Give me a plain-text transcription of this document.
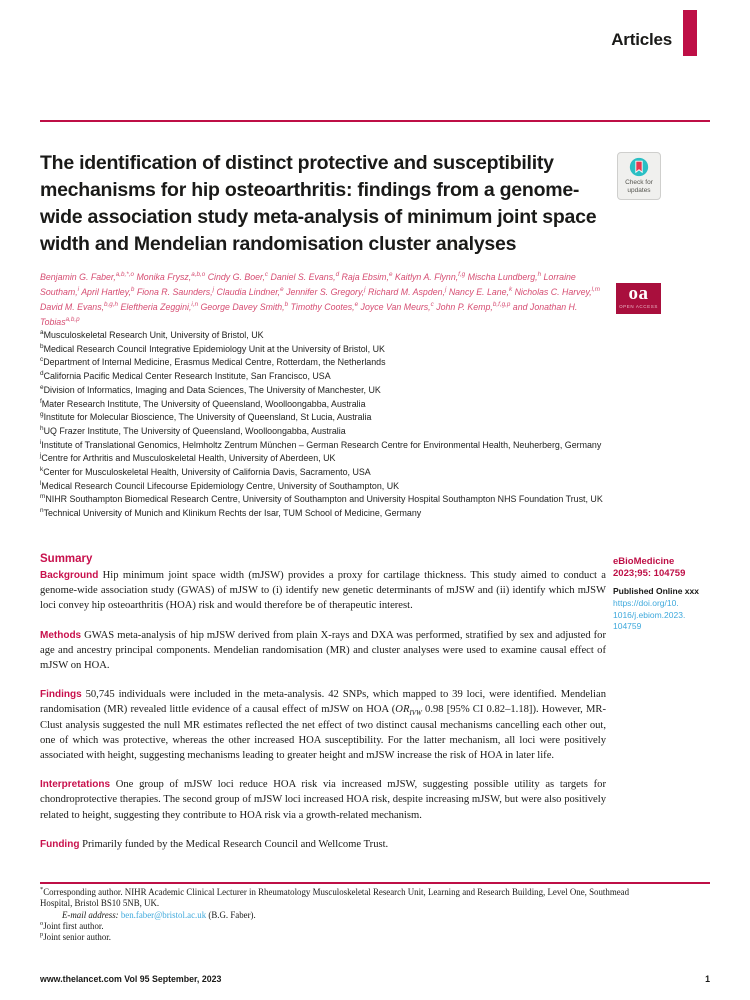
Articles
The identification of distinct protective and susceptibility mechanisms for hip osteoarthritis: findings from a genome-wide association study meta-analysis of minimum joint space width and Mendelian randomisation cluster analyses
Check for
updates
Benjamin G. Faber,$^{a,b,*,o}$ Monika Frysz,$^{a,b,o}$ Cindy G. Boer,$^c$ Daniel S. Evans,$^d$ Raja Ebsim,$^e$ Kaitlyn A. Flynn,$^{f,g}$ Mischa Lundberg,$^h$ Lorraine Southam,$^i$ April Hartley,$^b$ Fiona R. Saunders,$^j$ Claudia Lindner,$^e$ Jennifer S. Gregory,$^j$ Richard M. Aspden,$^j$ Nancy E. Lane,$^k$ Nicholas C. Harvey,$^{l,m}$ David M. Evans,$^{b,g,h}$ Eleftheria Zeggini,$^{i,n}$ George Davey Smith,$^b$ Timothy Cootes,$^e$ Joyce Van Meurs,$^c$ John P. Kemp,$^{b,f,g,p}$ and Jonathan H. Tobias$^{a,b,p}$
oa
OPEN ACCESS
$^a$Musculoskeletal Research Unit, University of Bristol, UK
$^b$Medical Research Council Integrative Epidemiology Unit at the University of Bristol, UK
$^c$Department of Internal Medicine, Erasmus Medical Centre, Rotterdam, the Netherlands
$^d$California Pacific Medical Center Research Institute, San Francisco, USA
$^e$Division of Informatics, Imaging and Data Sciences, The University of Manchester, UK
$^f$Mater Research Institute, The University of Queensland, Woolloongabba, Australia
$^g$Institute for Molecular Bioscience, The University of Queensland, St Lucia, Australia
$^h$UQ Frazer Institute, The University of Queensland, Woolloongabba, Australia
$^i$Institute of Translational Genomics, Helmholtz Zentrum München – German Research Centre for Environmental Health, Neuherberg, Germany
$^j$Centre for Arthritis and Musculoskeletal Health, University of Aberdeen, UK
$^k$Center for Musculoskeletal Health, University of California Davis, Sacramento, USA
$^l$Medical Research Council Lifecourse Epidemiology Centre, University of Southampton, UK
$^m$NIHR Southampton Biomedical Research Centre, University of Southampton and University Hospital Southampton NHS Foundation Trust, UK
$^n$Technical University of Munich and Klinikum Rechts der Isar, TUM School of Medicine, Germany
Summary

Background Hip minimum joint space width (mJSW) provides a proxy for cartilage thickness. This study aimed to conduct a genome-wide association study (GWAS) of mJSW to (i) identify new genetic determinants of mJSW and (ii) identify which mJSW loci convey hip osteoarthritis (HOA) risk and would therefore be of therapeutic interest.

Methods GWAS meta-analysis of hip mJSW derived from plain X-rays and DXA was performed, stratified by sex and adjusted for age and ancestry principal components. Mendelian randomisation (MR) and cluster analyses were used to examine causal effect of mJSW on HOA.

Findings 50,745 individuals were included in the meta-analysis. 42 SNPs, which mapped to 39 loci, were identified. Mendelian randomisation (MR) revealed little evidence of a causal effect of mJSW on HOA ($OR_{IVW}$ 0.98 [95% CI 0.82–1.18]). However, MR-Clust analysis suggested the null MR estimates reflected the net effect of two distinct causal mechanisms cancelling each other out, one of which was protective, whereas the other increased HOA susceptibility. For the latter mechanism, all loci were positively associated with height, suggesting mechanisms leading to greater height and mJSW increase the risk of HOA in later life.

Interpretations One group of mJSW loci reduce HOA risk via increased mJSW, suggesting possible utility as targets for chondroprotective therapies. The second group of mJSW loci increased HOA risk, despite increasing mJSW, but were also positively related to height, suggesting they contribute to HOA risk via a growth-related mechanism.

Funding Primarily funded by the Medical Research Council and Wellcome Trust.

eBioMedicine
2023;95: 104759
Published Online xxx
https://doi.org/10.
1016/j.ebiom.2023.
104759
*Corresponding author. NIHR Academic Clinical Lecturer in Rheumatology Musculoskeletal Research Unit, Learning and Research Building, Level One, Southmead Hospital, Bristol BS10 5NB, UK.
E-mail address: ben.faber@bristol.ac.uk (B.G. Faber).
$^o$Joint first author.
$^p$Joint senior author.
www.thelancet.com Vol 95 September, 2023	1
